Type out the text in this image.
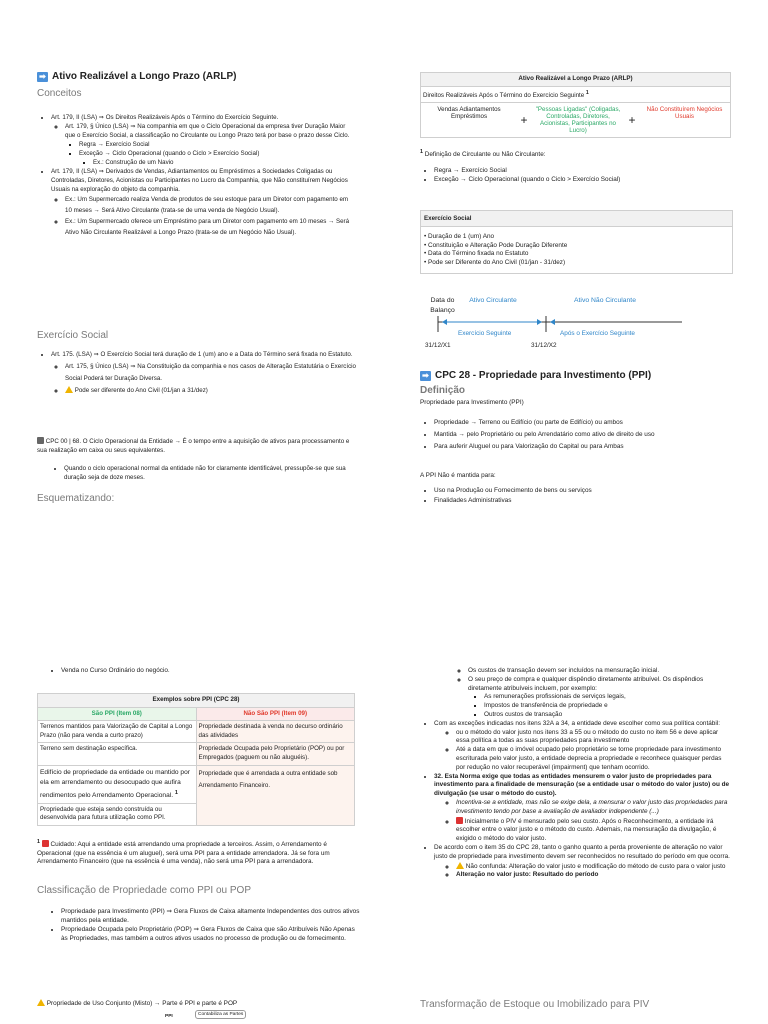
➡ Ativo Realizável a Longo Prazo (ARLP)
Conceitos
• Art. 179, II (LSA) ⇒ Os Direitos Realizáveis Após o Término do Exercício Seguinte.
◦ Art. 179, § Único (LSA) ⇒ Na companhia em que o Ciclo Operacional da empresa tiver Duração Maior que o Exercício Social, a classificação no Circulante ou Longo Prazo terá por base o prazo desse Ciclo.
▪ Regra → Exercício Social
▪ Exceção → Ciclo Operacional (quando o Ciclo > Exercício Social)
▪ Ex.: Construção de um Navio
• Art. 179, II (LSA) ⇒ Derivados de Vendas, Adiantamentos ou Empréstimos a Sociedades Coligadas ou Controladas, Diretores, Acionistas ou Participantes no Lucro da Companhia, que Não constituírem Negócios Usuais na exploração do objeto da companhia.
◦ Ex.: Um Supermercado realiza Venda de produtos de seu estoque para um Diretor com pagamento em 10 meses → Será Ativo Circulante (trata-se de uma venda de Negócio Usual).
◦ Ex.: Um Supermercado oferece um Empréstimo para um Diretor com pagamento em 10 meses → Será Ativo Não Circulante Realizável a Longo Prazo (trata-se de um Negócio Não Usual).
Exercício Social
• Art. 175. (LSA) ⇒ O Exercício Social terá duração de 1 (um) ano e a Data do Término será fixada no Estatuto.
◦ Art. 175, § Único (LSA) ⇒ Na Constituição da companhia e nos casos de Alteração Estatutária o Exercício Social Poderá ter Duração Diversa.
◦ Pode ser diferente do Ano Civil (01/jan a 31/dez)
CPC 00 | 68. O Ciclo Operacional da Entidade → É o tempo entre a aquisição de ativos para processamento e sua realização em caixa ou seus equivalentes.
• Quando o ciclo operacional normal da entidade não for claramente identificável, pressupõe-se que sua duração seja de doze meses.
Esquematizando:
Ativo Realizável a Longo Prazo (ARLP)
Direitos Realizáveis Após o Término do Exercício Seguinte $^1$
Vendas Adiantamentos Empréstimos	+	"Pessoas Ligadas" (Coligadas, Controladas, Diretores, Acionistas, Participantes no Lucro)	+	Não Constituírem Negócios Usuais
$^1$ Definição de Circulante ou Não Circulante:
• Regra → Exercício Social
• Exceção → Ciclo Operacional (quando o Ciclo > Exercício Social)
Exercício Social
• Duração de 1 (um) Ano
• Constituição e Alteração Pode Duração Diferente
• Data do Término fixada no Estatuto
• Pode ser Diferente do Ano Civil (01/jan - 31/dez)
Data do Balanço
Ativo Circulante	Ativo Não Circulante
Exercício Seguinte	Após o Exercício Seguinte
31/12/X1	31/12/X2
➡ CPC 28 - Propriedade para Investimento (PPI)
Definição
Propriedade para Investimento (PPI)
• Propriedade → Terreno ou Edifício (ou parte de Edifício) ou ambos
• Mantida → pelo Proprietário ou pelo Arrendatário como ativo de direito de uso
• Para auferir Aluguel ou para Valorização do Capital ou para Ambas
A PPI Não é mantida para:
• Uso na Produção ou Fornecimento de bens ou serviços
• Finalidades Administrativas
• Venda no Curso Ordinário do negócio.
Exemplos sobre PPI (CPC 28)	
São PPI (Item 08)	Não São PPI (Item 09)
Terrenos mantidos para Valorização de Capital a Longo Prazo (não para venda a curto prazo)	Propriedade destinada à venda no decurso ordinário das atividades
Terreno sem destinação específica.	Propriedade Ocupada pelo Proprietário (POP) ou por Empregados (paguem ou não aluguéis).
Edifício de propriedade da entidade ou mantido por ela em arrendamento ou desocupado que aufira rendimentos pelo Arrendamento Operacional. $^1$	Propriedade que é arrendada a outra entidade sob Arrendamento Financeiro.
Propriedade que esteja sendo construída ou desenvolvida para futura utilização como PPI.	
$^1$ Cuidado: Aqui a entidade está arrendando uma propriedade a terceiros. Assim, o Arrendamento é Operacional (que na essência é um aluguel), será uma PPI para a entidade arrendadora. Já se fora um Arrendamento Financeiro (que na essência é uma venda), não será uma PPI para a arrendadora.
Classificação de Propriedade como PPI ou POP
• Propriedade para Investimento (PPI) ⇒ Gera Fluxos de Caixa altamente Independentes dos outros ativos mantidos pela entidade.
• Propriedade Ocupada pelo Proprietário (POP) ⇒ Gera Fluxos de Caixa que são Atribuíveis Não Apenas às Propriedades, mas também a outros ativos usados no processo de produção ou de fornecimento.
Propriedade de Uso Conjunto (Misto) → Parte é PPI e parte é POP
PPI	Contabiliza as Partes
◦ Os custos de transação devem ser incluídos na mensuração inicial.
◦ O seu preço de compra e qualquer dispêndio diretamente atribuível. Os dispêndios diretamente atribuíveis incluem, por exemplo:
▪ As remunerações profissionais de serviços legais,
▪ Impostos de transferência de propriedade e
▪ Outros custos de transação
• Com as exceções indicadas nos itens 32A a 34, a entidade deve escolher como sua política contábil:
◦ ou o método do valor justo nos itens 33 a 55 ou o método do custo no item 56 e deve aplicar essa política a todas as suas propriedades para investimento
◦ Até a data em que o imóvel ocupado pelo proprietário se torne propriedade para investimento escriturada pelo valor justo, a entidade deprecia a propriedade e reconhece quaisquer perdas por redução no valor recuperável (impairment) que tenham ocorrido.
• 32. Esta Norma exige que todas as entidades mensurem o valor justo de propriedades para investimento para a finalidade de mensuração (se a entidade usar o método do valor justo) ou de divulgação (se usar o método do custo).
◦ Incentiva-se a entidade, mas não se exige dela, a mensurar o valor justo das propriedades para investimento tendo por base a avaliação de avaliador independente (...)
◦ Inicialmente o PIV é mensurado pelo seu custo. Após o Reconhecimento, a entidade irá escolher entre o valor justo e o método do custo. Ademais, na mensuração da divulgação, é exigido o método do valor justo.
• De acordo com o item 35 do CPC 28, tanto o ganho quanto a perda proveniente de alteração no valor justo de propriedade para investimento devem ser reconhecidos no resultado do período em que ocorra.
◦ Não confunda: Alteração do valor justo e modificação do método de custo para o valor justo
◦ Alteração no valor justo: Resultado do período
Transformação de Estoque ou Imobilizado para PIV
